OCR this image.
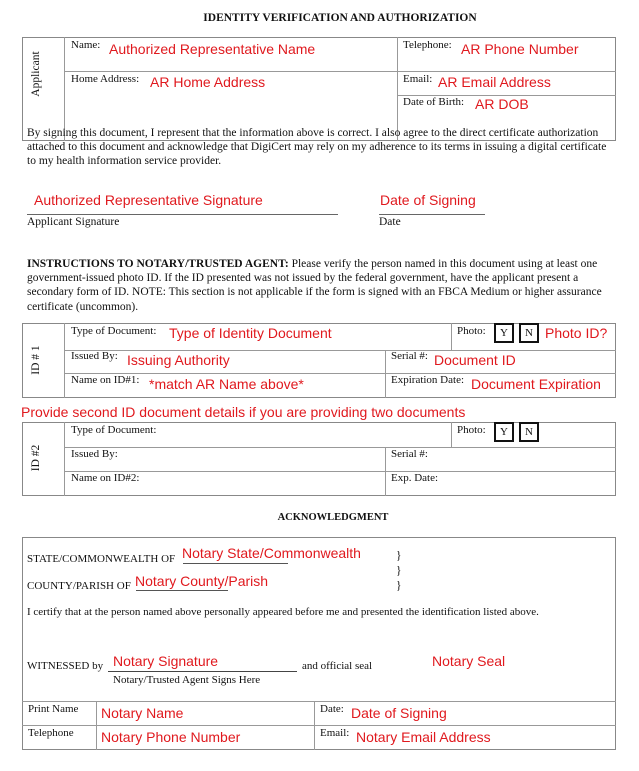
IDENTITY VERIFICATION AND AUTHORIZATION
Applicant
Name: Authorized Representative Name	Telephone: AR Phone Number
Home Address: AR Home Address	Email: AR Email Address
Date of Birth: AR DOB
By signing this document, I represent that the information above is correct. I also agree to the direct certificate authorization attached to this document and acknowledge that DigiCert may rely on my adherence to its terms in issuing a digital certificate to my health information service provider.
Authorized Representative Signature
Applicant Signature
Date of Signing
Date
INSTRUCTIONS TO NOTARY/TRUSTED AGENT: Please verify the person named in this document using at least one government-issued photo ID. If the ID presented was not issued by the federal government, have the applicant present a secondary form of ID. NOTE: This section is not applicable if the form is signed with an FBCA Medium or higher assurance certificate (uncommon).
ID # 1
Type of Document: Type of Identity Document	Photo:	Y	N Photo ID?
Issued By: Issuing Authority	Serial #: Document ID
Name on ID#1: *match AR Name above*	Expiration Date: Document Expiration
Provide second ID document details if you are providing two documents
ID #2
Type of Document:	Photo:	Y	N
Issued By:	Serial #:
Name on ID#2:	Exp. Date:
ACKNOWLEDGMENT
STATE/COMMONWEALTH OF Notary State/Commonwealth	}
}
}
COUNTY/PARISH OF Notary County/Parish
I certify that at the person named above personally appeared before me and presented the identification listed above.
WITNESSED by Notary Signature	and official seal	Notary Seal
Notary/Trusted Agent Signs Here
Print Name Notary Name	Date: Date of Signing
Telephone Notary Phone Number	Email: Notary Email Address
